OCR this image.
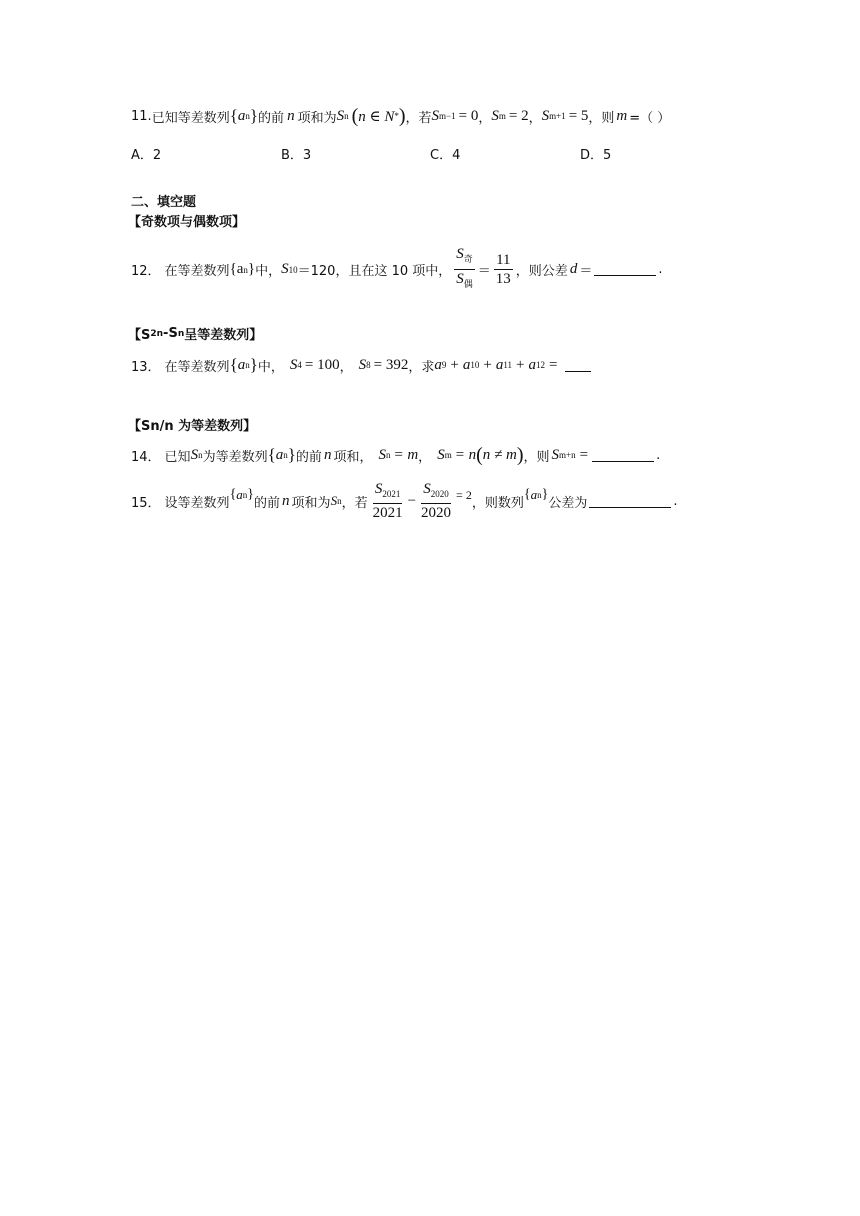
11. 已知等差数列 { a n } 的前 n 项和为 S n ( n ∈ N * ) ，若 S m−1 = 0 ， S m = 2 ， S m+1 = 5 ，则 m =（ ）
A．2	B．3	C．4	D．5
二、填空题
【奇数项与偶数项】
12． 在等差数列 {a n } 中， S 10 ＝120，且在这 10 项中， $\frac{S_奇}{S_偶} = \frac{11}{13}$ ，则公差 d ＝	.
【S 2n -S n 呈等差数列】
13． 在等差数列 { a n } 中， S 4 = 100 ， S 8 = 392 ，求 a 9 + a 10 + a 11 + a 12 =
【Sn/n 为等差数列】
14． 已知 S n 为等差数列 { a n } 的前 n 项和， S n = m ， S m = n ( n ≠ m ) ，则 S m+n =	.
15． 设等差数列
{ a n }
的前 n 项和为 S n ，若 $\frac{S_{2021}}{2021} - \frac{S_{2020}}{2020} = 2$
，则数列
{ a n }
公差为	.
